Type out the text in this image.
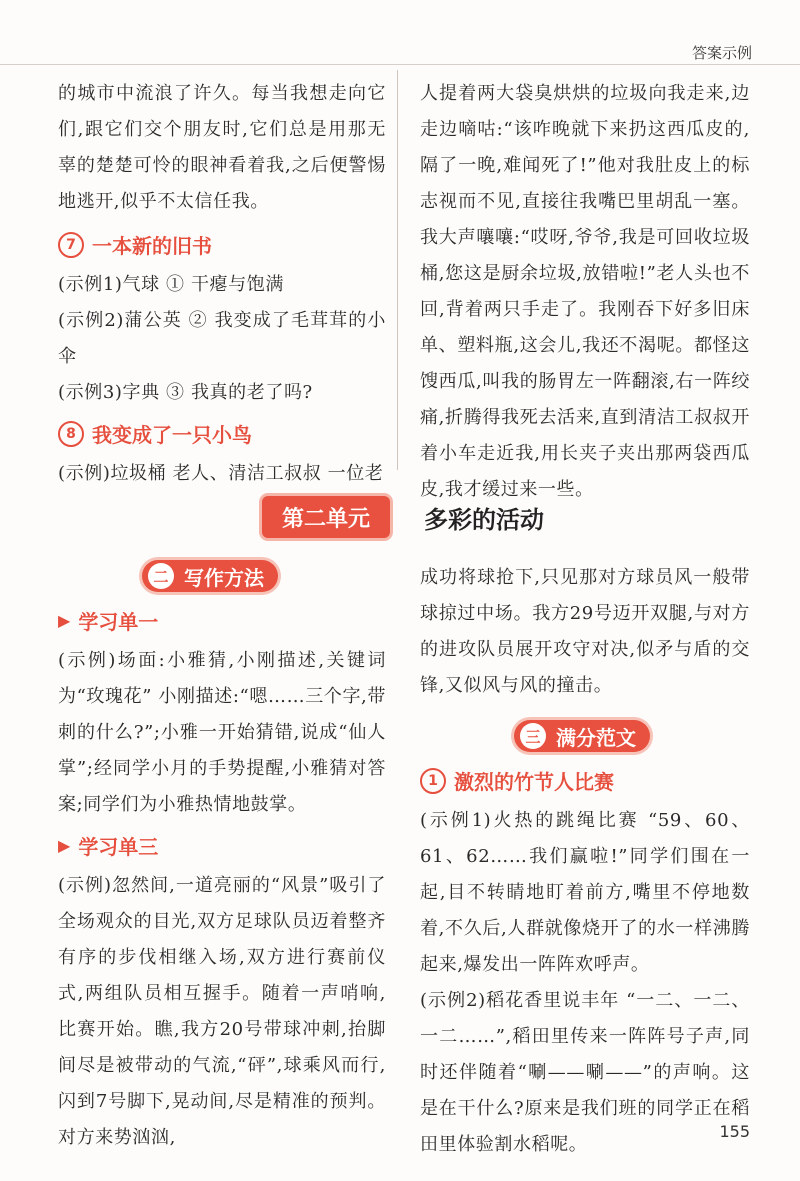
答案示例

的城市中流浪了许久。每当我想走向它们,跟它们交个朋友时,它们总是用那无辜的楚楚可怜的眼神看着我,之后便警惕地逃开,似乎不太信任我。

7 一本新的旧书

(示例1)气球 ① 干瘪与饱满

(示例2)蒲公英 ② 我变成了毛茸茸的小伞

(示例3)字典 ③ 我真的老了吗?

8 我变成了一只小鸟

(示例)垃圾桶 老人、清洁工叔叔 一位老

人提着两大袋臭烘烘的垃圾向我走来,边走边嘀咕:“该咋晚就下来扔这西瓜皮的,隔了一晚,难闻死了!”他对我肚皮上的标志视而不见,直接往我嘴巴里胡乱一塞。我大声嚷嚷:“哎呀,爷爷,我是可回收垃圾桶,您这是厨余垃圾,放错啦!”老人头也不回,背着两只手走了。我刚吞下好多旧床单、塑料瓶,这会儿,我还不渴呢。都怪这馊西瓜,叫我的肠胃左一阵翻滚,右一阵绞痛,折腾得我死去活来,直到清洁工叔叔开着小车走近我,用长夹子夹出那两袋西瓜皮,我才缓过来一些。

第二单元	多彩的活动
二 写作方法
▶ 学习单一

(示例)场面:小雅猜,小刚描述,关键词为“玫瑰花” 小刚描述:“嗯……三个字,带刺的什么?”;小雅一开始猜错,说成“仙人掌”;经同学小月的手势提醒,小雅猜对答案;同学们为小雅热情地鼓掌。

▶ 学习单三

(示例)忽然间,一道亮丽的“风景”吸引了全场观众的目光,双方足球队员迈着整齐有序的步伐相继入场,双方进行赛前仪式,两组队员相互握手。随着一声哨响,比赛开始。瞧,我方20号带球冲刺,抬脚间尽是被带动的气流,“砰”,球乘风而行,闪到7号脚下,晃动间,尽是精准的预判。对方来势汹汹,

成功将球抢下,只见那对方球员风一般带球掠过中场。我方29号迈开双腿,与对方的进攻队员展开攻守对决,似矛与盾的交锋,又似风与风的撞击。

三 满分范文
1 激烈的竹节人比赛

(示例1)火热的跳绳比赛 “59、60、61、62……我们赢啦!”同学们围在一起,目不转睛地盯着前方,嘴里不停地数着,不久后,人群就像烧开了的水一样沸腾起来,爆发出一阵阵欢呼声。

(示例2)稻花香里说丰年 “一二、一二、一二……”,稻田里传来一阵阵号子声,同时还伴随着“唰——唰——”的声响。这是在干什么?原来是我们班的同学正在稻田里体验割水稻呢。

155
